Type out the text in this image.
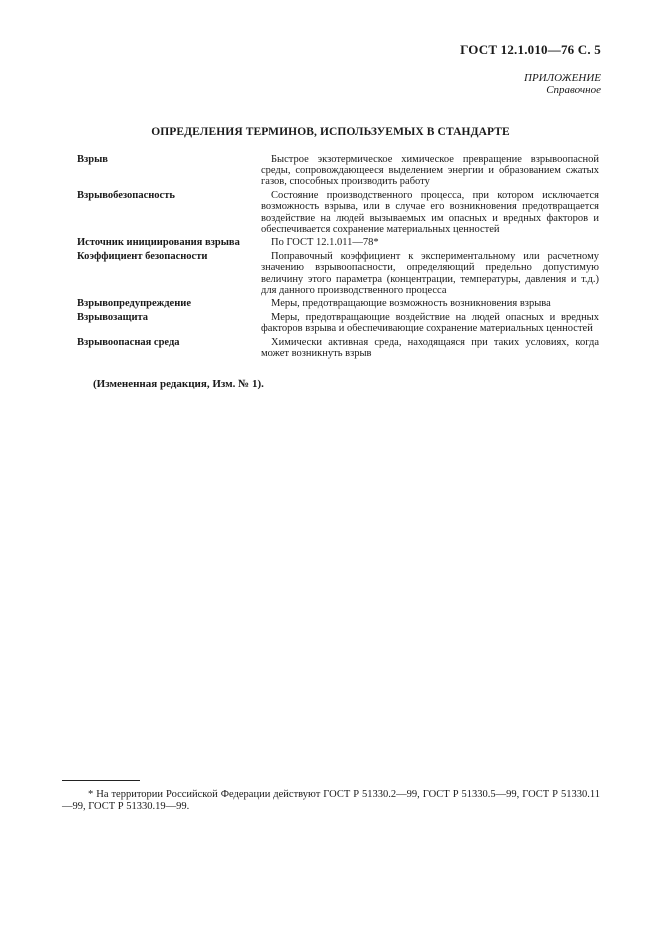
ГОСТ 12.1.010—76 С. 5
ПРИЛОЖЕНИЕ
Справочное
ОПРЕДЕЛЕНИЯ ТЕРМИНОВ, ИСПОЛЬЗУЕМЫХ В СТАНДАРТЕ
Взрыв	Быстрое экзотермическое химическое превращение взрывоопасной среды, сопровождающееся выделением энергии и образованием сжатых газов, способных производить работу
Взрывобезопасность	Состояние производственного процесса, при котором исключается возможность взрыва, или в случае его возникновения предотвращается воздействие на людей вызываемых им опасных и вредных факторов и обеспечивается сохранение материальных ценностей
Источник инициирования взрыва	По ГОСТ 12.1.011—78*
Коэффициент безопасности	Поправочный коэффициент к экспериментальному или расчетному значению взрывоопасности, определяющий предельно допустимую величину этого параметра (концентрации, температуры, давления и т.д.) для данного производственного процесса
Взрывопредупреждение	Меры, предотвращающие возможность возникновения взрыва
Взрывозащита	Меры, предотвращающие воздействие на людей опасных и вредных факторов взрыва и обеспечивающие сохранение материальных ценностей
Взрывоопасная среда	Химически активная среда, находящаяся при таких условиях, когда может возникнуть взрыв
(Измененная редакция, Изм. № 1).
* На территории Российской Федерации действуют ГОСТ Р 51330.2—99, ГОСТ Р 51330.5—99, ГОСТ Р 51330.11—99, ГОСТ Р 51330.19—99.
